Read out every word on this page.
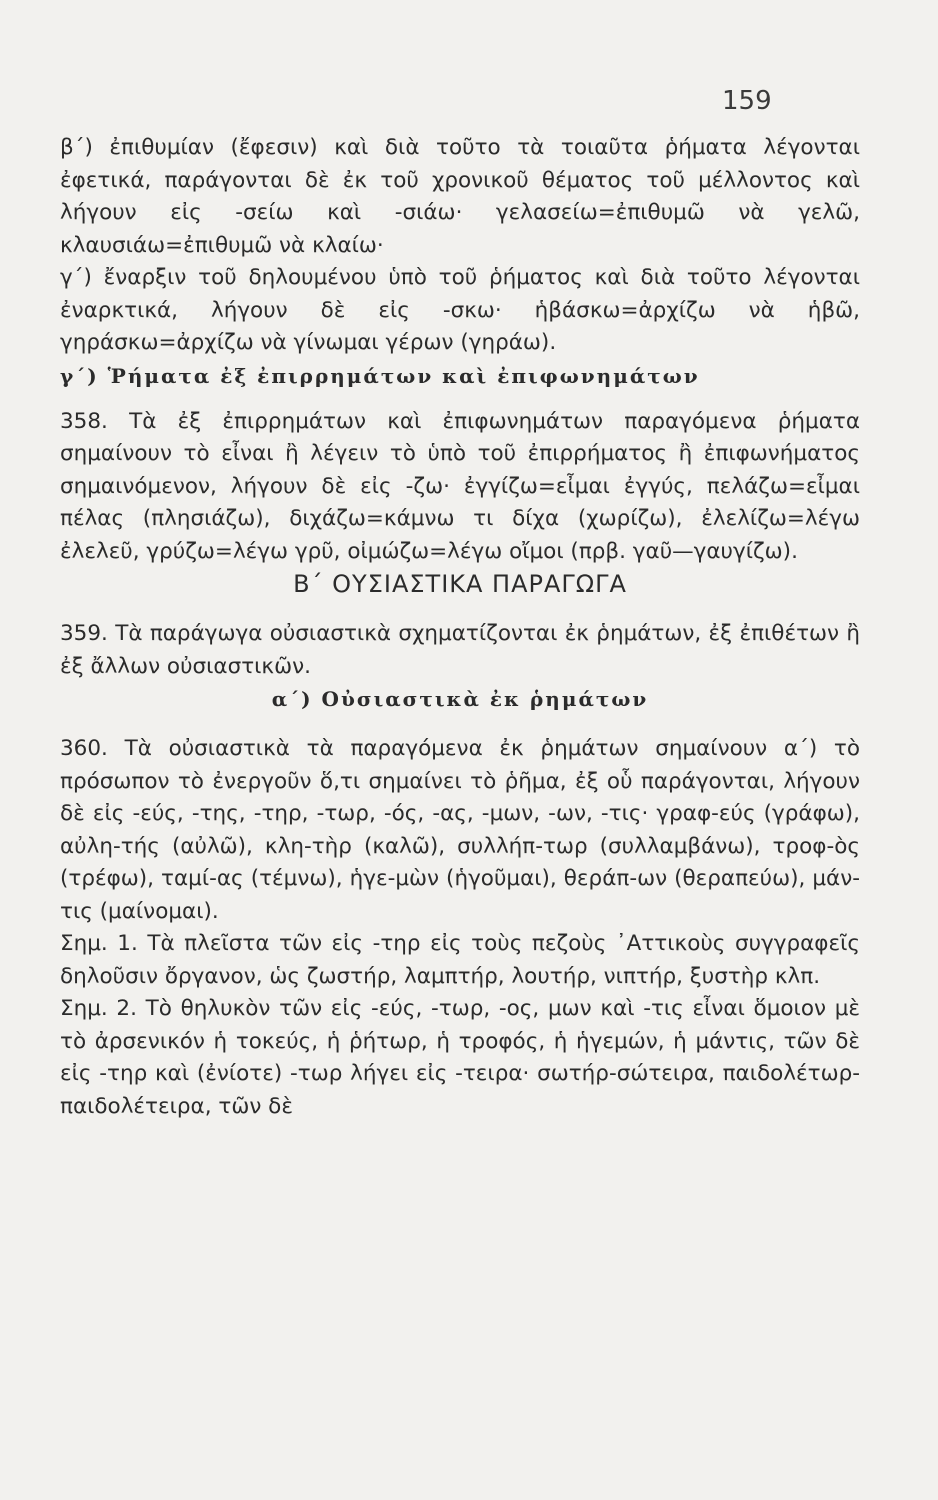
159

β΄) ἐπιθυμίαν (ἔφεσιν) καὶ διὰ τοῦτο τὰ τοιαῦτα ῥήματα λέγονται ἐφετικά, παράγονται δὲ ἐκ τοῦ χρονικοῦ θέματος τοῦ μέλλοντος καὶ λήγουν εἰς -σείω καὶ -σιάω· γελασείω=ἐπιθυμῶ νὰ γελῶ, κλαυσιάω=ἐπιθυμῶ νὰ κλαίω·

γ΄) ἔναρξιν τοῦ δηλουμένου ὑπὸ τοῦ ῥήματος καὶ διὰ τοῦτο λέγονται ἐναρκτικά, λήγουν δὲ εἰς -σκω· ἡβάσκω=ἀρχίζω νὰ ἡβῶ, γηράσκω=ἀρχίζω νὰ γίνωμαι γέρων (γηράω).

γ΄) Ῥήματα ἐξ ἐπιρρημάτων καὶ ἐπιφωνημάτων

358. Τὰ ἐξ ἐπιρρημάτων καὶ ἐπιφωνημάτων παραγόμενα ῥήματα σημαίνουν τὸ εἶναι ἢ λέγειν τὸ ὑπὸ τοῦ ἐπιρρήματος ἢ ἐπιφωνήματος σημαινόμενον, λήγουν δὲ εἰς -ζω· ἐγγίζω=εἶμαι ἐγγύς, πελάζω=εἶμαι πέλας (πλησιάζω), διχάζω=κάμνω τι δίχα (χωρίζω), ἐλελίζω=λέγω ἐλελεῦ, γρύζω=λέγω γρῦ, οἰμώζω=λέγω οἴμοι (πρβ. γαῦ—γαυγίζω).

Β΄ ΟΥΣΙΑΣΤΙΚΑ ΠΑΡΑΓΩΓΑ

359. Τὰ παράγωγα οὐσιαστικὰ σχηματίζονται ἐκ ῥημάτων, ἐξ ἐπιθέτων ἢ ἐξ ἄλλων οὐσιαστικῶν.

α΄) Οὐσιαστικὰ ἐκ ῥημάτων

360. Τὰ οὐσιαστικὰ τὰ παραγόμενα ἐκ ῥημάτων σημαίνουν α΄) τὸ πρόσωπον τὸ ἐνεργοῦν ὅ,τι σημαίνει τὸ ῥῆμα, ἐξ οὗ παράγονται, λήγουν δὲ εἰς -εύς, -της, -τηρ, -τωρ, -ός, -ας, -μων, -ων, -τις· γραφ-εύς (γράφω), αὐλη-τής (αὐλῶ), κλη-τὴρ (καλῶ), συλλήπ-τωρ (συλλαμβάνω), τροφ-ὸς (τρέφω), ταμί-ας (τέμνω), ἡγε-μὼν (ἡγοῦμαι), θεράπ-ων (θεραπεύω), μάν-τις (μαίνομαι).

Σημ. 1. Τὰ πλεῖστα τῶν εἰς -τηρ εἰς τοὺς πεζοὺς ᾿Αττικοὺς συγγραφεῖς δηλοῦσιν ὄργανον, ὡς ζωστήρ, λαμπτήρ, λουτήρ, νιπτήρ, ξυστὴρ κλπ.

Σημ. 2. Τὸ θηλυκὸν τῶν εἰς -εύς, -τωρ, -ος, μων καὶ -τις εἶναι ὅμοιον μὲ τὸ ἀρσενικόν ἡ τοκεύς, ἡ ῥήτωρ, ἡ τροφός, ἡ ἡγεμών, ἡ μάντις, τῶν δὲ εἰς -τηρ καὶ (ἐνίοτε) -τωρ λήγει εἰς -τειρα· σωτήρ-σώτειρα, παιδολέτωρ-παιδολέτειρα, τῶν δὲ
